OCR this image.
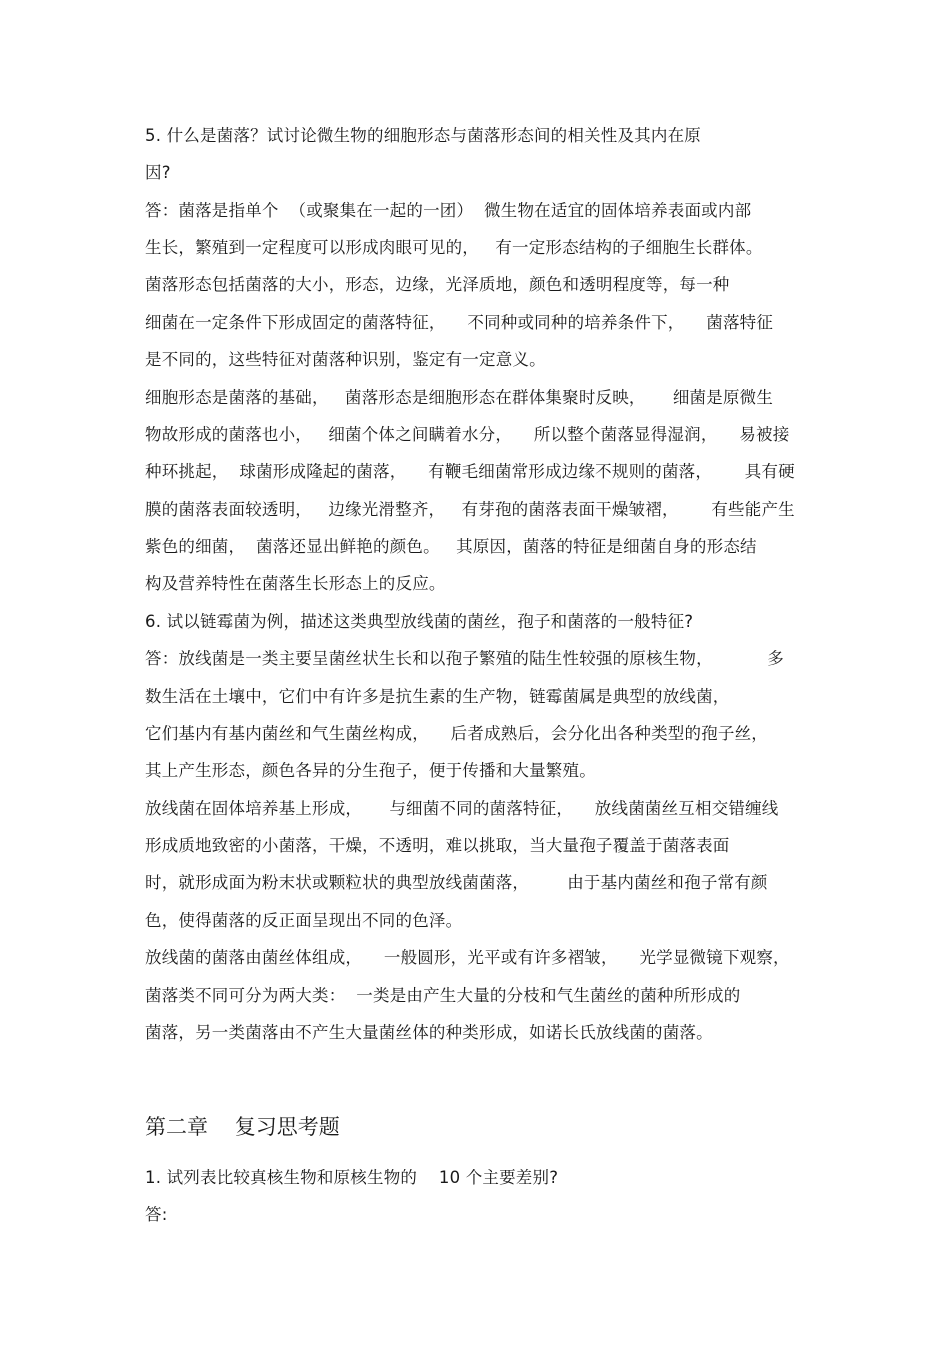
5. 什么是菌落？试讨论微生物的细胞形态与菌落形态间的相关性及其内在原
因?
答：菌落是指单个  （或聚集在一起的一团）  微生物在适宜的固体培养表面或内部
生长，繁殖到一定程度可以形成肉眼可见的，   有一定形态结构的子细胞生长群体。
菌落形态包括菌落的大小，形态，边缘，光泽质地，颜色和透明程度等，每一种
细菌在一定条件下形成固定的菌落特征，    不同种或同种的培养条件下，    菌落特征
是不同的，这些特征对菌落种识别，鉴定有一定意义。
细胞形态是菌落的基础，   菌落形态是细胞形态在群体集聚时反映，     细菌是原微生
物故形成的菌落也小，   细菌个体之间瞒着水分，    所以整个菌落显得湿润，    易被接
种环挑起，  球菌形成隆起的菌落，    有鞭毛细菌常形成边缘不规则的菌落，      具有硬
膜的菌落表面较透明，   边缘光滑整齐，   有芽孢的菌落表面干燥皱褶，      有些能产生
紫色的细菌，  菌落还显出鲜艳的颜色。   其原因，菌落的特征是细菌自身的形态结
构及营养特性在菌落生长形态上的反应。
6. 试以链霉菌为例，描述这类典型放线菌的菌丝，孢子和菌落的一般特征?
答：放线菌是一类主要呈菌丝状生长和以孢子繁殖的陆生性较强的原核生物，          多
数生活在土壤中，它们中有许多是抗生素的生产物，链霉菌属是典型的放线菌，
它们基内有基内菌丝和气生菌丝构成，    后者成熟后，会分化出各种类型的孢子丝，
其上产生形态，颜色各异的分生孢子，便于传播和大量繁殖。
放线菌在固体培养基上形成，     与细菌不同的菌落特征，    放线菌菌丝互相交错缠线
形成质地致密的小菌落，干燥，不透明，难以挑取，当大量孢子覆盖于菌落表面
时，就形成面为粉末状或颗粒状的典型放线菌菌落，       由于基内菌丝和孢子常有颜
色，使得菌落的反正面呈现出不同的色泽。
放线菌的菌落由菌丝体组成，    一般圆形，光平或有许多褶皱，    光学显微镜下观察，
菌落类不同可分为两大类：  一类是由产生大量的分枝和气生菌丝的菌种所形成的
菌落，另一类菌落由不产生大量菌丝体的种类形成，如诺长氏放线菌的菌落。
第二章    复习思考题
1. 试列表比较真核生物和原核生物的    10 个主要差别?
答:
